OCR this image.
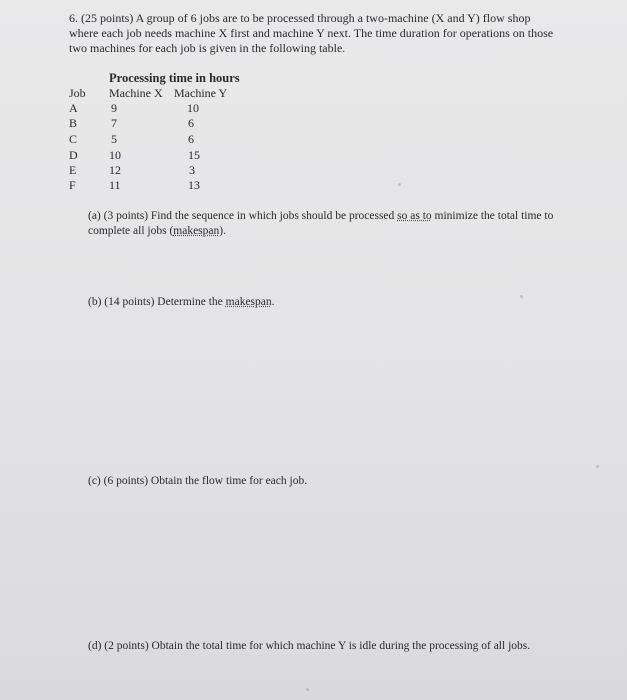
6. (25 points) A group of 6 jobs are to be processed through a two-machine (X and Y) flow shop where each job needs machine X first and machine Y next. The time duration for operations on those two machines for each job is given in the following table.

Processing time in hours
Job Machine X Machine Y
A	9	10
B	7	6
C	5	6
D	10	15
E	12	3
F	11	13

(a) (3 points) Find the sequence in which jobs should be processed so as to minimize the total time to complete all jobs (makespan).

(b) (14 points) Determine the makespan.

(c) (6 points) Obtain the flow time for each job.

(d) (2 points) Obtain the total time for which machine Y is idle during the processing of all jobs.
